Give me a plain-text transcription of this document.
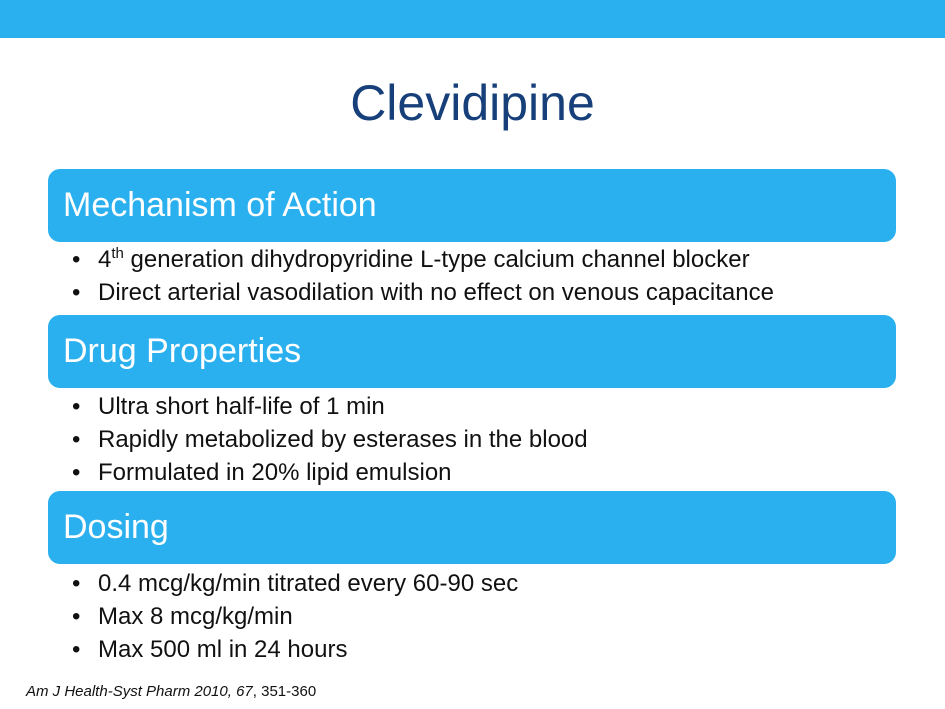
Clevidipine
Mechanism of Action
• 4th generation dihydropyridine L-type calcium channel blocker
• Direct arterial vasodilation with no effect on venous capacitance
Drug Properties
• Ultra short half-life of 1 min
• Rapidly metabolized by esterases in the blood
• Formulated in 20% lipid emulsion
Dosing
• 0.4 mcg/kg/min titrated every 60-90 sec
• Max 8 mcg/kg/min
• Max 500 ml in 24 hours
Am J Health-Syst Pharm 2010, 67, 351-360
